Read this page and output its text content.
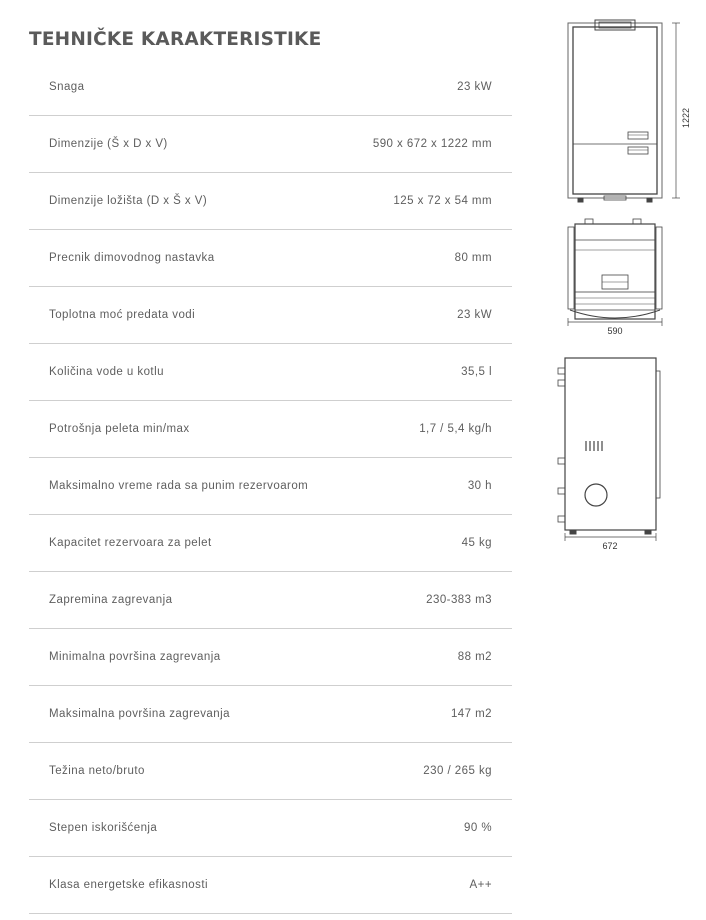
TEHNIČKE KARAKTERISTIKE
Snaga	23 kW
Dimenzije (Š x D x V)	590 x 672 x 1222 mm
Dimenzije ložišta (D x Š x V)	125 x 72 x 54 mm
Precnik dimovodnog nastavka	80 mm
Toplotna moć predata vodi	23 kW
Količina vode u kotlu	35,5 l
Potrošnja peleta min/max	1,7 / 5,4 kg/h
Maksimalno vreme rada sa punim rezervoarom	30 h
Kapacitet rezervoara za pelet	45 kg
Zapremina zagrevanja	230-383 m3
Minimalna površina zagrevanja	88 m2
Maksimalna površina zagrevanja	147 m2
Težina neto/bruto	230 / 265 kg
Stepen iskorišćenja	90 %
Klasa energetske efikasnosti	A++
1222
590
672
